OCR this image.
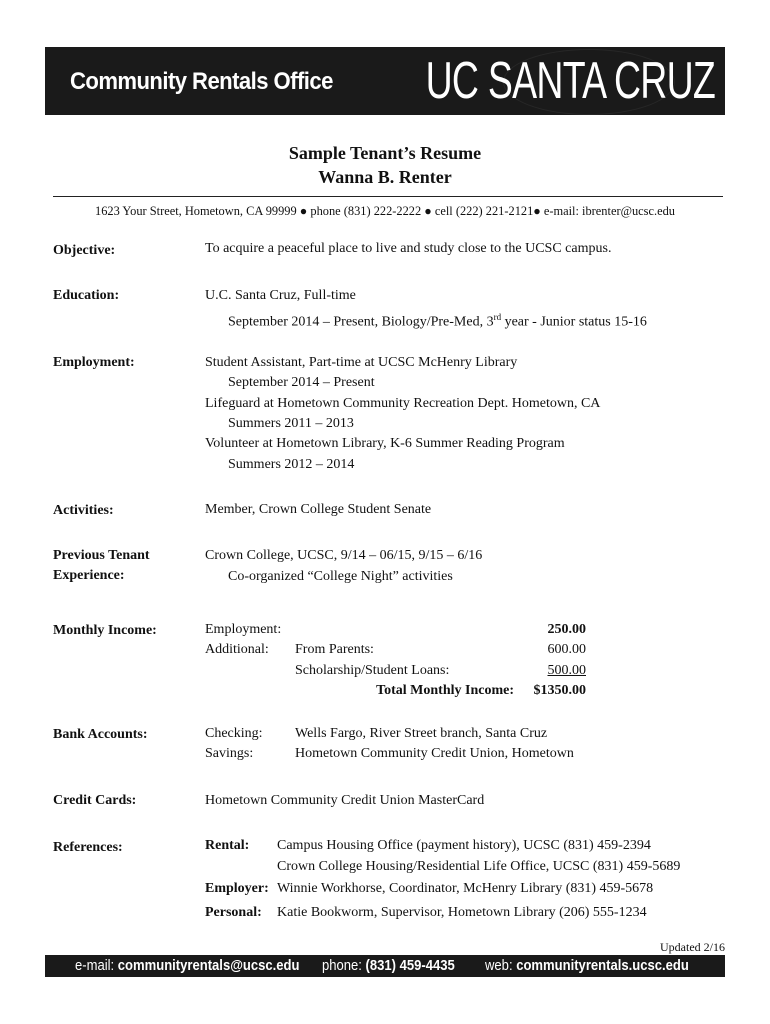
Community Rentals Office UC SANTA CRUZ
Sample Tenant’s Resume
Wanna B. Renter
1623 Your Street, Hometown, CA 99999 ● phone (831) 222-2222 ● cell (222) 221-2121● e-mail: ibrenter@ucsc.edu
Objective:	To acquire a peaceful place to live and study close to the UCSC campus.
Education:	U.C. Santa Cruz, Full-time
September 2014 – Present, Biology/Pre-Med, 3rd year - Junior status 15-16
Employment:	Student Assistant, Part-time at UCSC McHenry Library
September 2014 – Present
Lifeguard at Hometown Community Recreation Dept. Hometown, CA
Summers 2011 – 2013
Volunteer at Hometown Library, K-6 Summer Reading Program
Summers 2012 – 2014
Activities:	Member, Crown College Student Senate
Previous Tenant
Experience:
Crown College, UCSC, 9/14 – 06/15, 9/15 – 6/16
Co-organized “College Night” activities
Monthly Income:	Employment:	250.00
Additional: From Parents:	600.00
Scholarship/Student Loans:	500.00
Total Monthly Income:	$1350.00
Bank Accounts:	Checking: Wells Fargo, River Street branch, Santa Cruz
Savings:	Hometown Community Credit Union, Hometown
Credit Cards:	Hometown Community Credit Union MasterCard
References:	Rental: Campus Housing Office (payment history), UCSC (831) 459-2394
Crown College Housing/Residential Life Office, UCSC (831) 459-5689
Employer: Winnie Workhorse, Coordinator, McHenry Library (831) 459-5678
Personal: Katie Bookworm, Supervisor, Hometown Library (206) 555-1234
Updated 2/16
e-mail: communityrentals@ucsc.edu phone: (831) 459-4435 web: communityrentals.ucsc.edu
